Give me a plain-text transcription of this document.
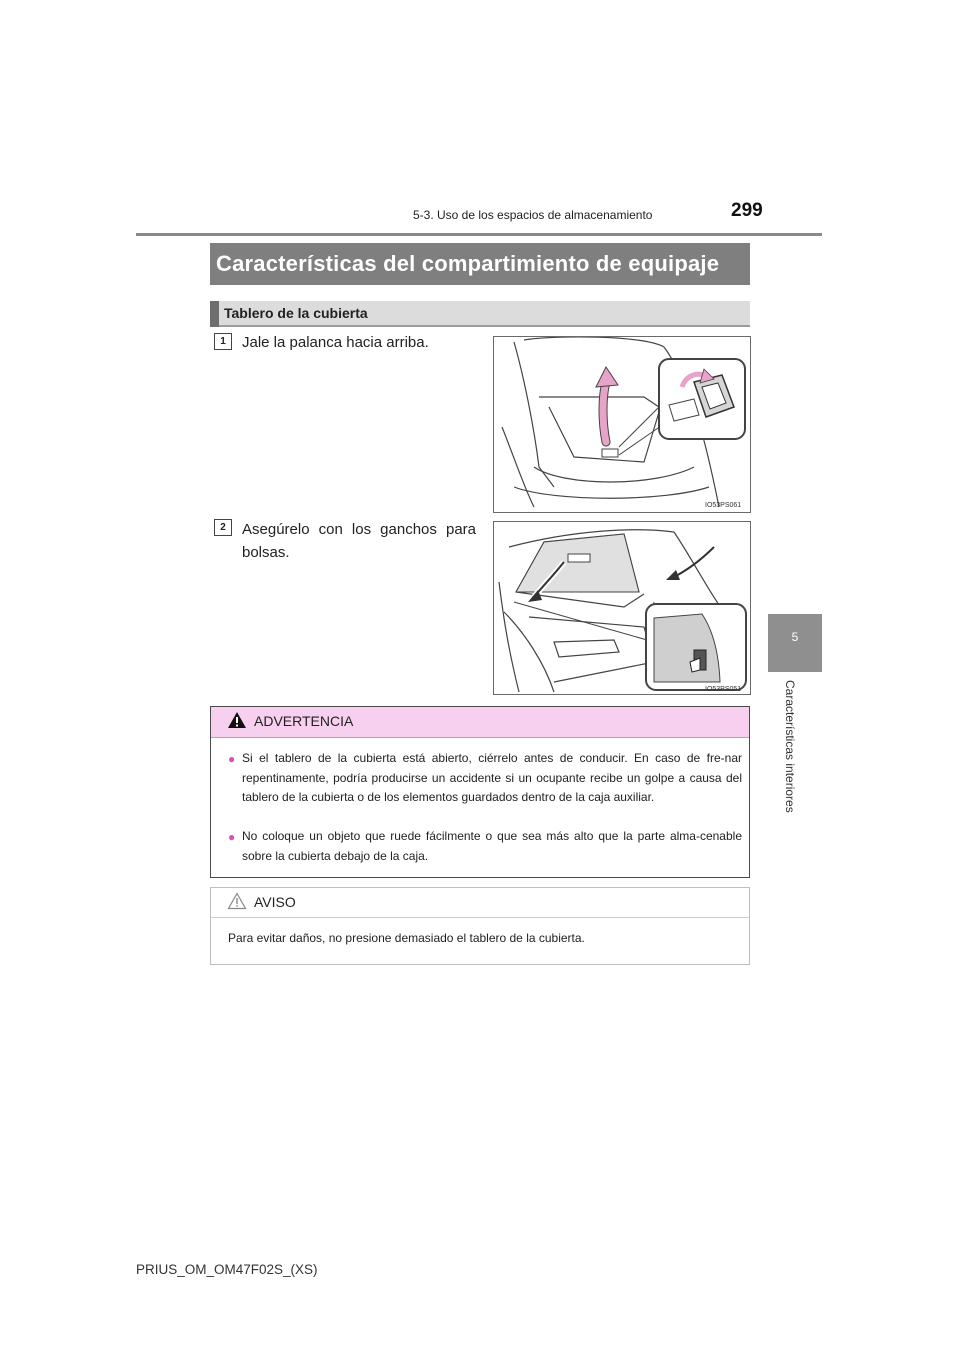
5-3. Uso de los espacios de almacenamiento	299
5
Características interiores
Características del compartimiento de equipaje
Tablero de la cubierta
1	Jale la palanca hacia arriba.
IO53PS061
2	Asegúrelo con los ganchos para
bolsas.
IO53PS051
ADVERTENCIA
● Si el tablero de la cubierta está abierto, ciérrelo antes de conducir. En caso de fre-nar repentinamente, podría producirse un accidente si un ocupante recibe un golpe a causa del tablero de la cubierta o de los elementos guardados dentro de la caja auxiliar.
● No coloque un objeto que ruede fácilmente o que sea más alto que la parte alma-cenable sobre la cubierta debajo de la caja.
AVISO
Para evitar daños, no presione demasiado el tablero de la cubierta.
PRIUS_OM_OM47F02S_(XS)
